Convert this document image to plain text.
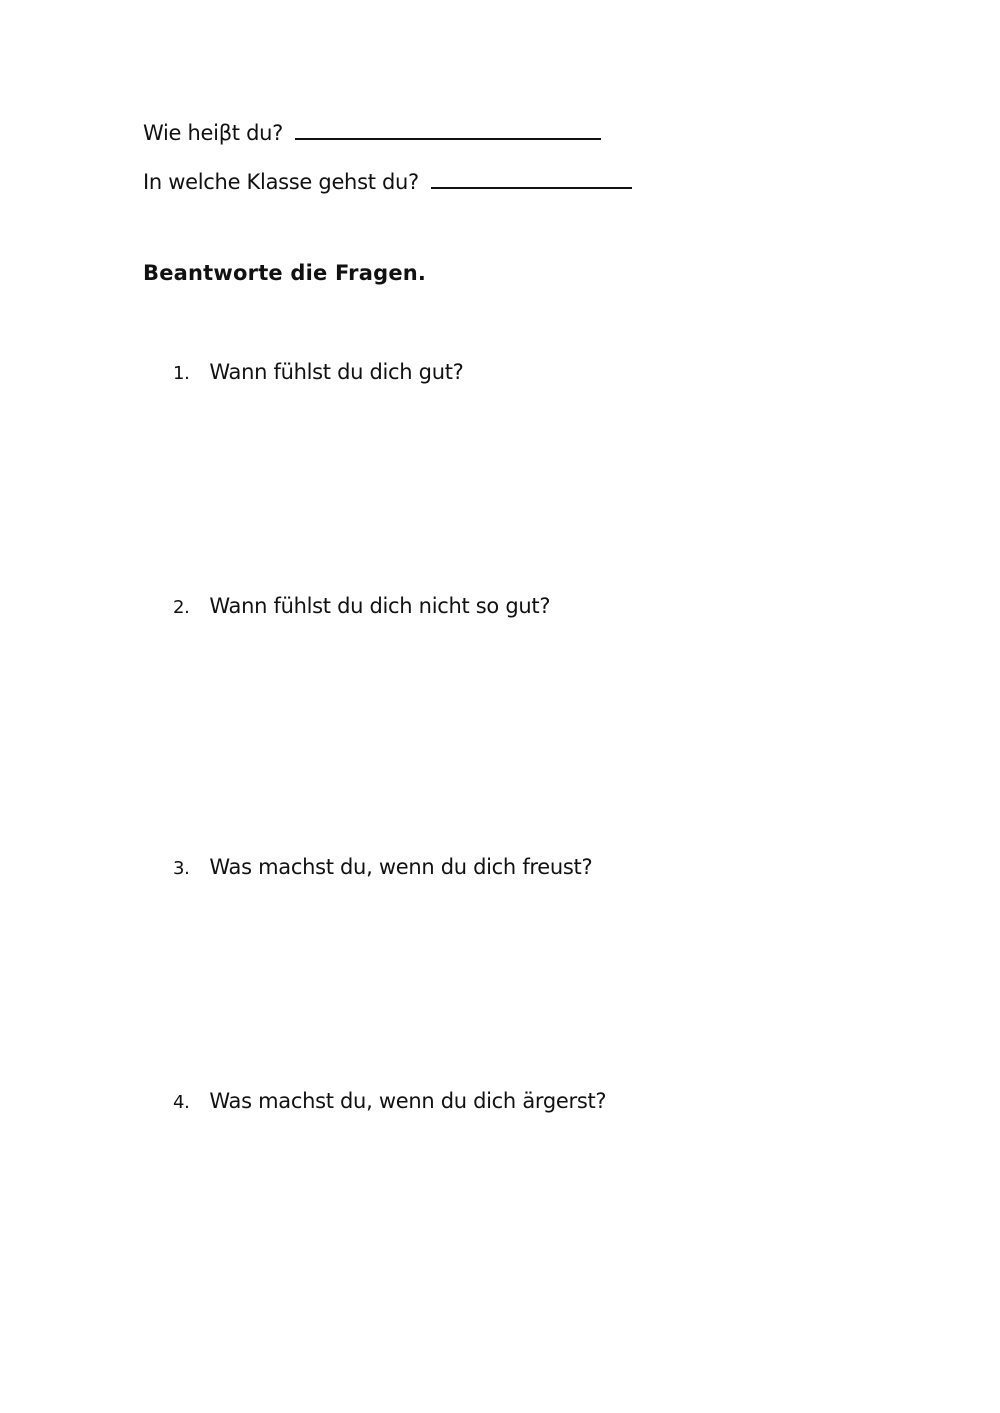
Wie heiβt du?
In welche Klasse gehst du?
Beantworte die Fragen.
1. Wann fühlst du dich gut?
2. Wann fühlst du dich nicht so gut?
3. Was machst du, wenn du dich freust?
4. Was machst du, wenn du dich ärgerst?
